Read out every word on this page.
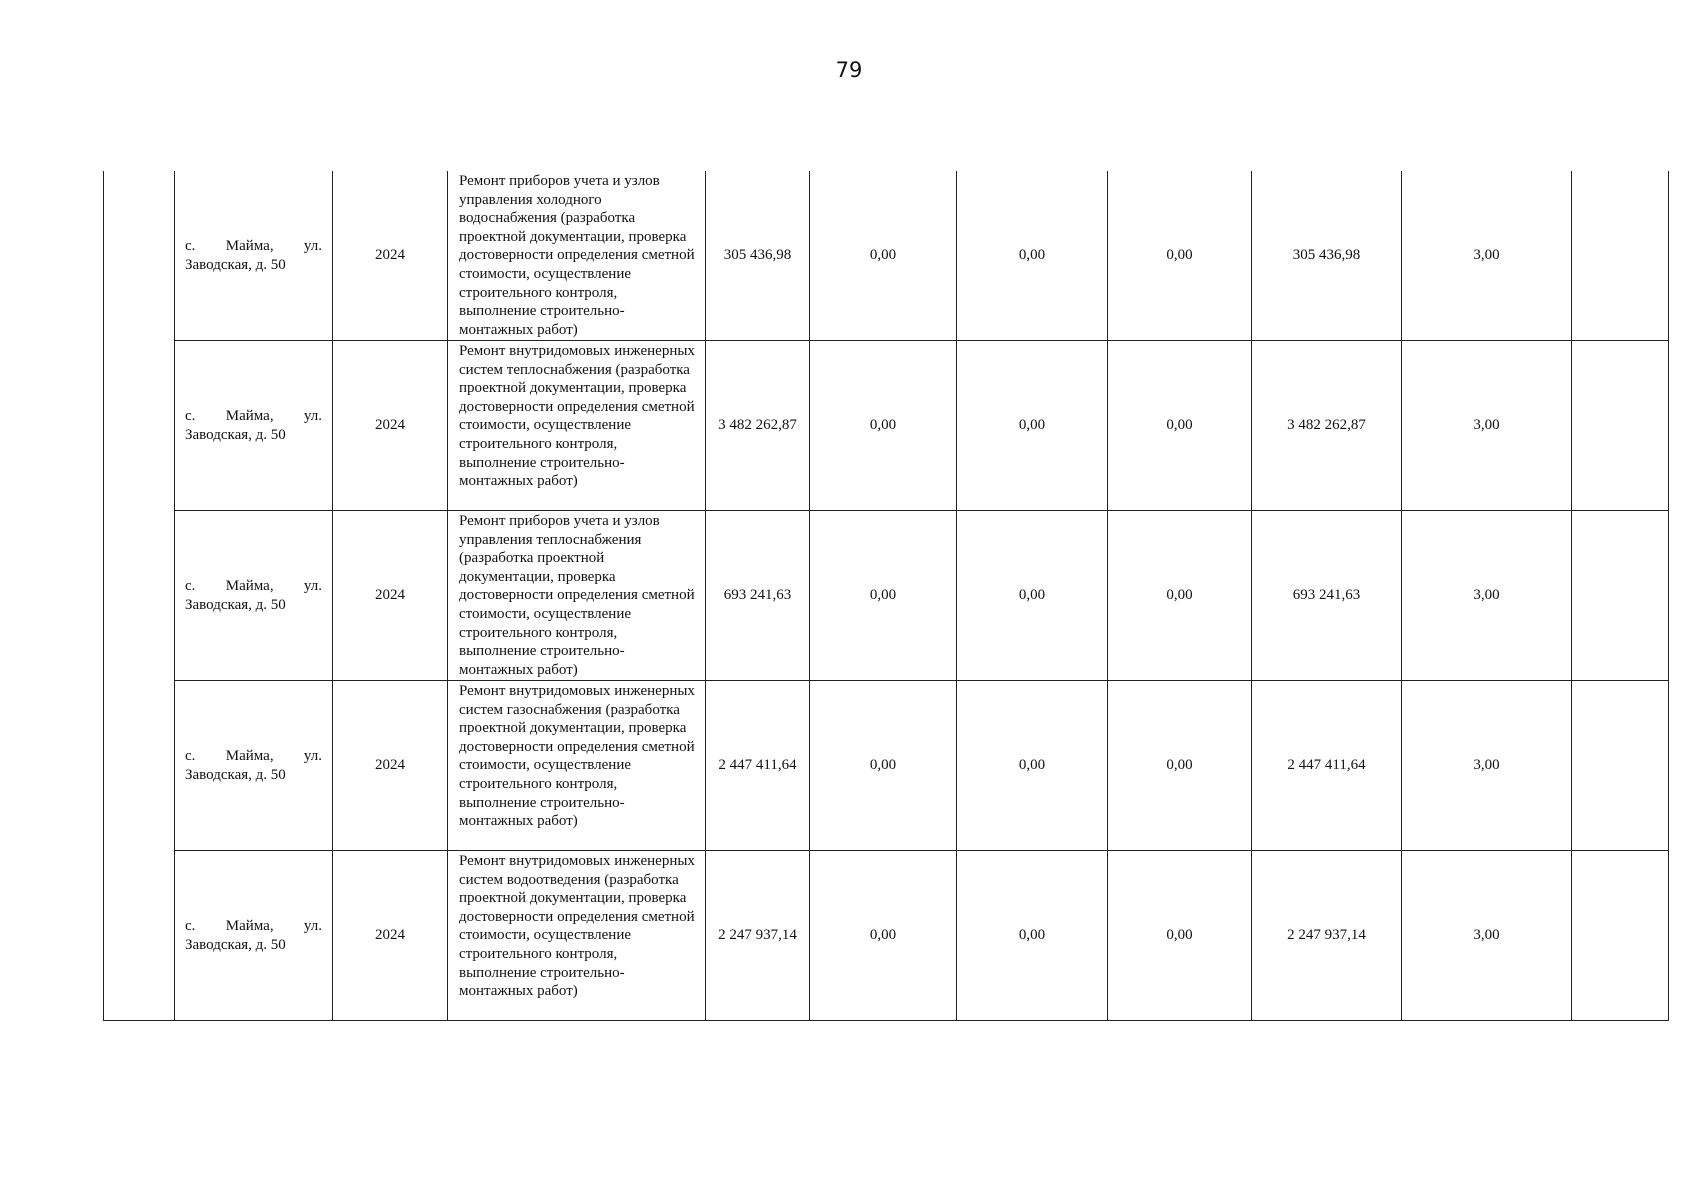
79
	с. Майма, ул. Заводская, д. 50	2024	Ремонт приборов учета и узлов управления холодного водоснабжения (разработка проектной документации, проверка достоверности определения сметной стоимости, осуществление строительного контроля, выполнение строительно-монтажных работ)	305 436,98	0,00	0,00	0,00	305 436,98	3,00	
	с. Майма, ул. Заводская, д. 50	2024	Ремонт внутридомовых инженерных систем теплоснабжения (разработка проектной документации, проверка достоверности определения сметной стоимости, осуществление строительного контроля, выполнение строительно-монтажных работ)	3 482 262,87	0,00	0,00	0,00	3 482 262,87	3,00	
	с. Майма, ул. Заводская, д. 50	2024	Ремонт приборов учета и узлов управления теплоснабжения (разработка проектной документации, проверка достоверности определения сметной стоимости, осуществление строительного контроля, выполнение строительно-монтажных работ)	693 241,63	0,00	0,00	0,00	693 241,63	3,00	
	с. Майма, ул. Заводская, д. 50	2024	Ремонт внутридомовых инженерных систем газоснабжения (разработка проектной документации, проверка достоверности определения сметной стоимости, осуществление строительного контроля, выполнение строительно-монтажных работ)	2 447 411,64	0,00	0,00	0,00	2 447 411,64	3,00	
	с. Майма, ул. Заводская, д. 50	2024	Ремонт внутридомовых инженерных систем водоотведения (разработка проектной документации, проверка достоверности определения сметной стоимости, осуществление строительного контроля, выполнение строительно-монтажных работ)	2 247 937,14	0,00	0,00	0,00	2 247 937,14	3,00	
